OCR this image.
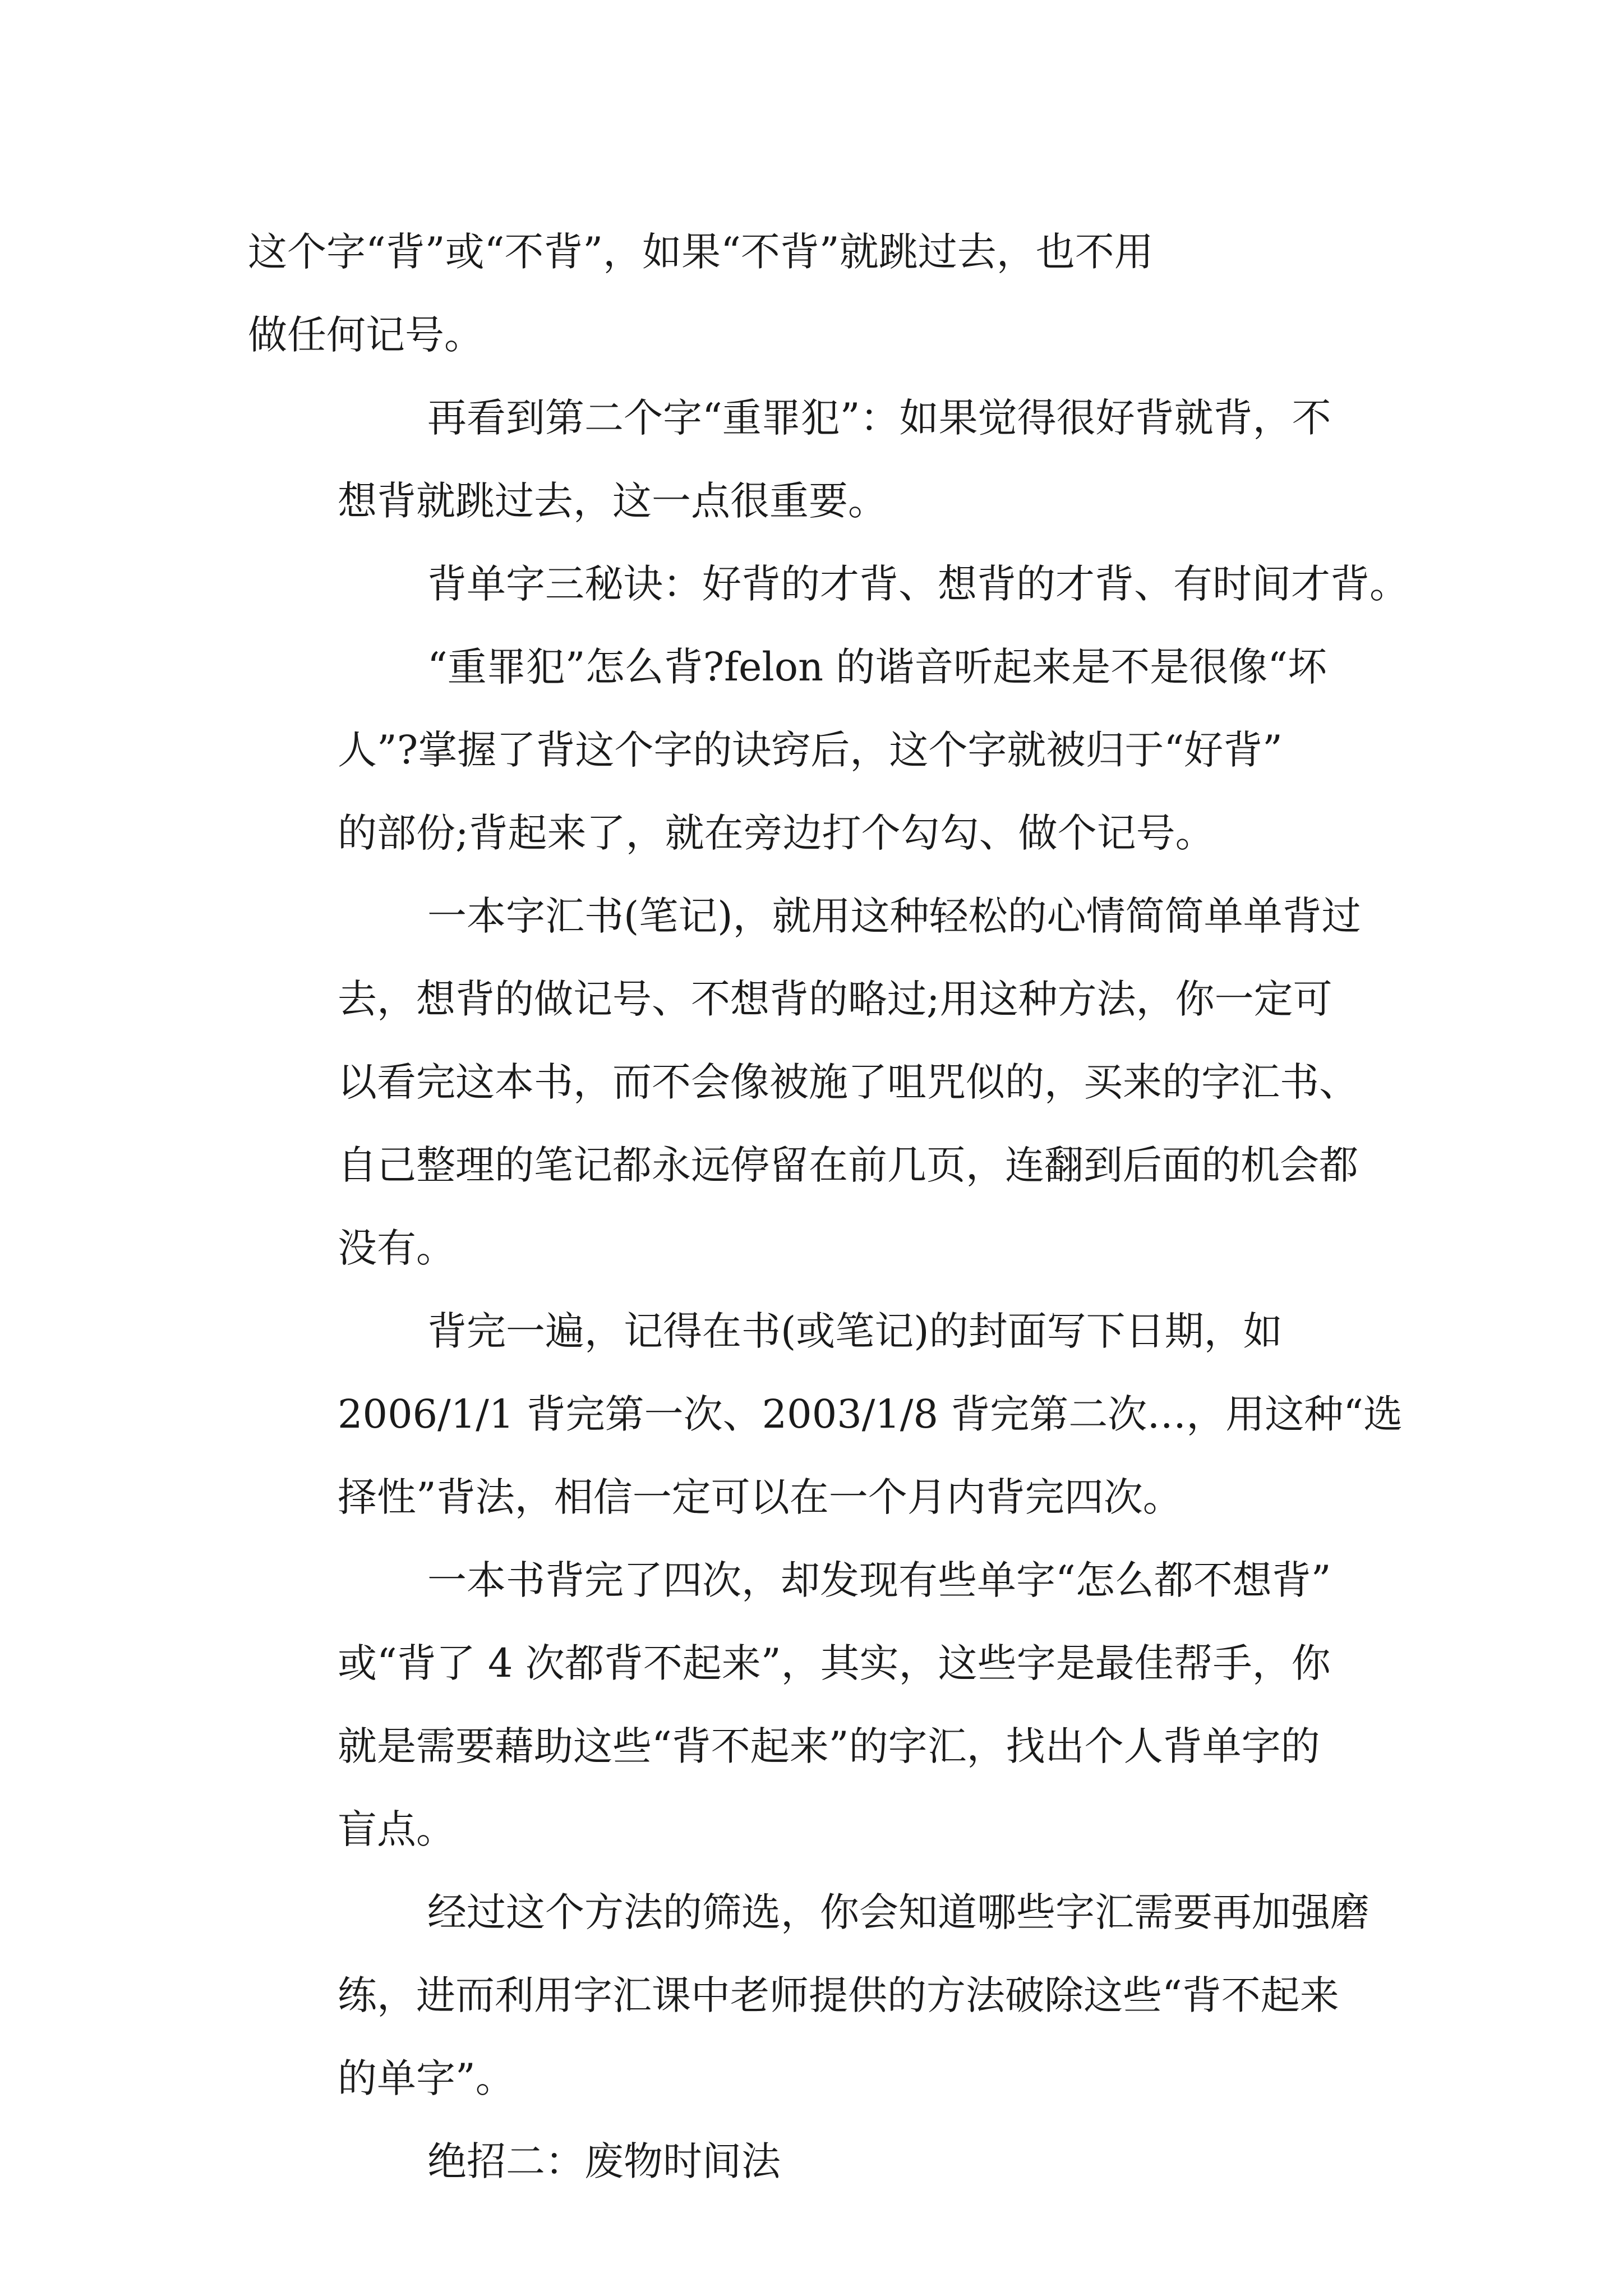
这个字“背”或“不背”，如果“不背”就跳过去，也不用
做任何记号。

再看到第二个字“重罪犯”：如果觉得很好背就背，不
想背就跳过去，这一点很重要。

背单字三秘诀：好背的才背、想背的才背、有时间才背。

“重罪犯”怎么背?felon 的谐音听起来是不是很像“坏
人”?掌握了背这个字的诀窍后，这个字就被归于“好背”
的部份;背起来了，就在旁边打个勾勾、做个记号。

一本字汇书(笔记)，就用这种轻松的心情简简单单背过
去，想背的做记号、不想背的略过;用这种方法，你一定可
以看完这本书，而不会像被施了咀咒似的，买来的字汇书、
自己整理的笔记都永远停留在前几页，连翻到后面的机会都
没有。

背完一遍，记得在书(或笔记)的封面写下日期，如
2006/1/1 背完第一次、2003/1/8 背完第二次…，用这种“选
择性”背法，相信一定可以在一个月内背完四次。

一本书背完了四次，却发现有些单字“怎么都不想背”
或“背了 4 次都背不起来”，其实，这些字是最佳帮手，你
就是需要藉助这些“背不起来”的字汇，找出个人背单字的
盲点。

经过这个方法的筛选，你会知道哪些字汇需要再加强磨
练，进而利用字汇课中老师提供的方法破除这些“背不起来
的单字”。

绝招二：废物时间法
